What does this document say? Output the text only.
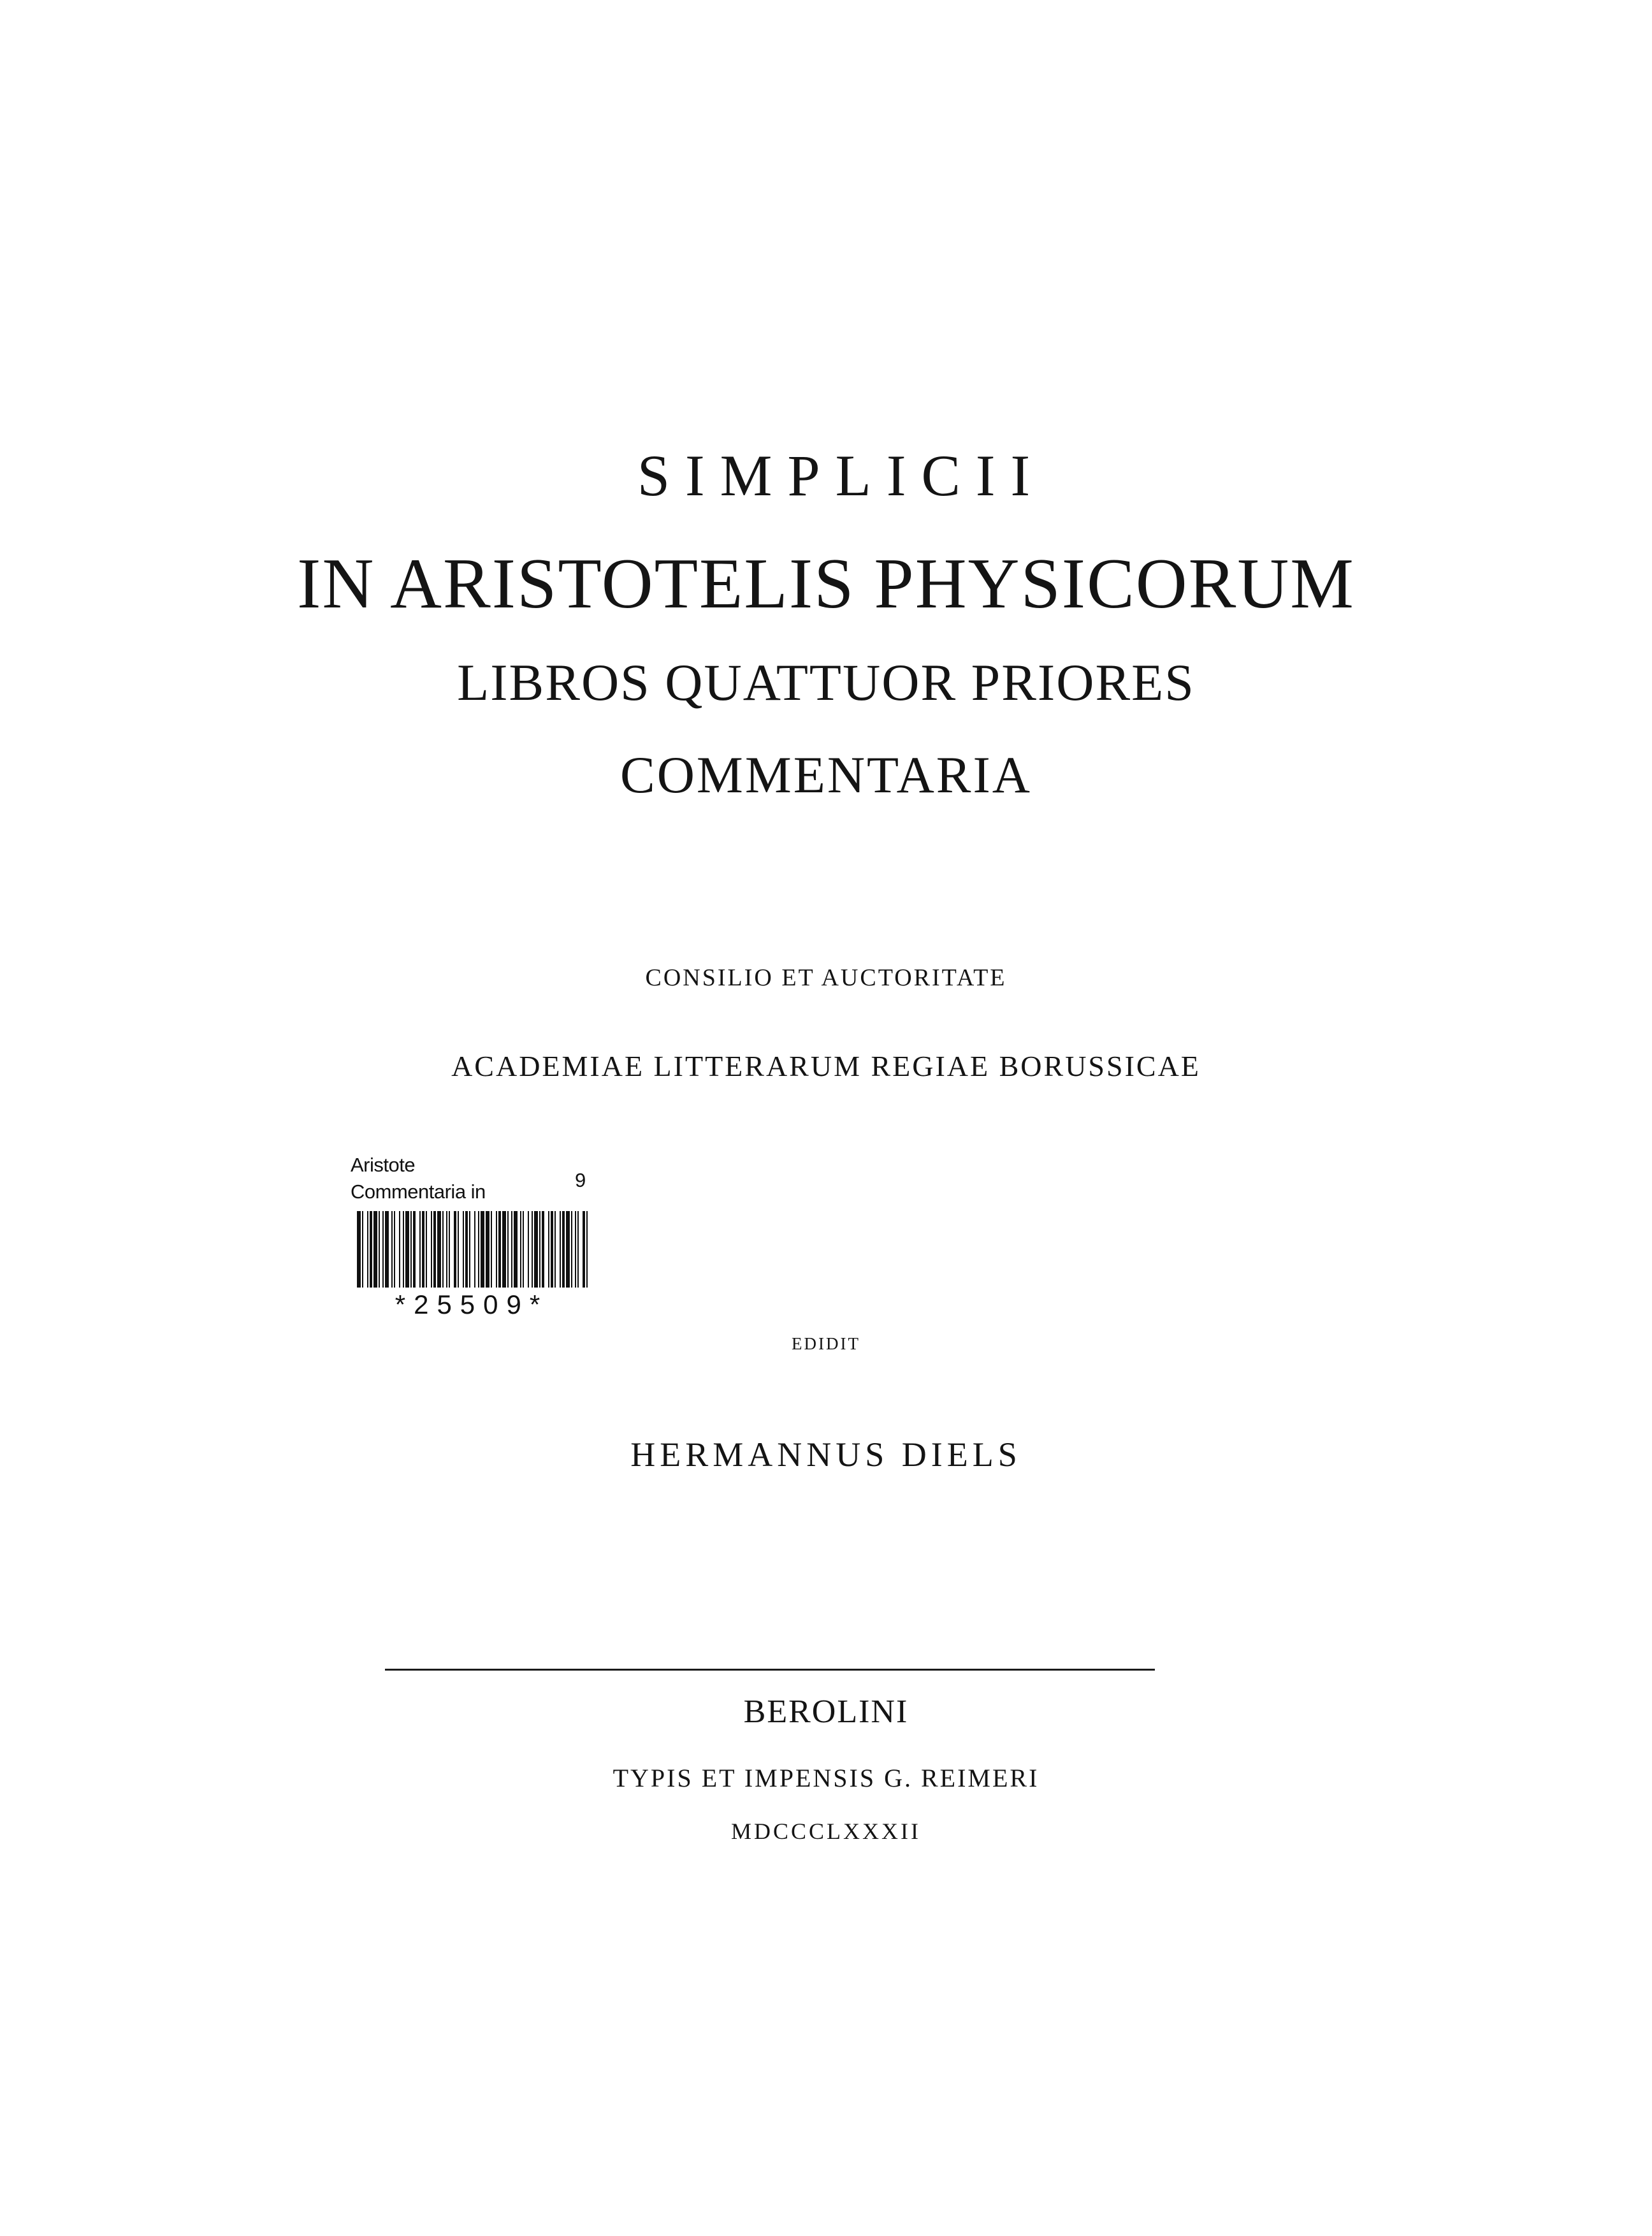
SIMPLICII
IN ARISTOTELIS PHYSICORUM
LIBROS QUATTUOR PRIORES
COMMENTARIA
CONSILIO ET AUCTORITATE
ACADEMIAE LITTERARUM REGIAE BORUSSICAE
Aristote
Commentaria in
9
*25509*
EDIDIT
HERMANNUS DIELS
BEROLINI
TYPIS ET IMPENSIS G. REIMERI
MDCCCLXXXII
